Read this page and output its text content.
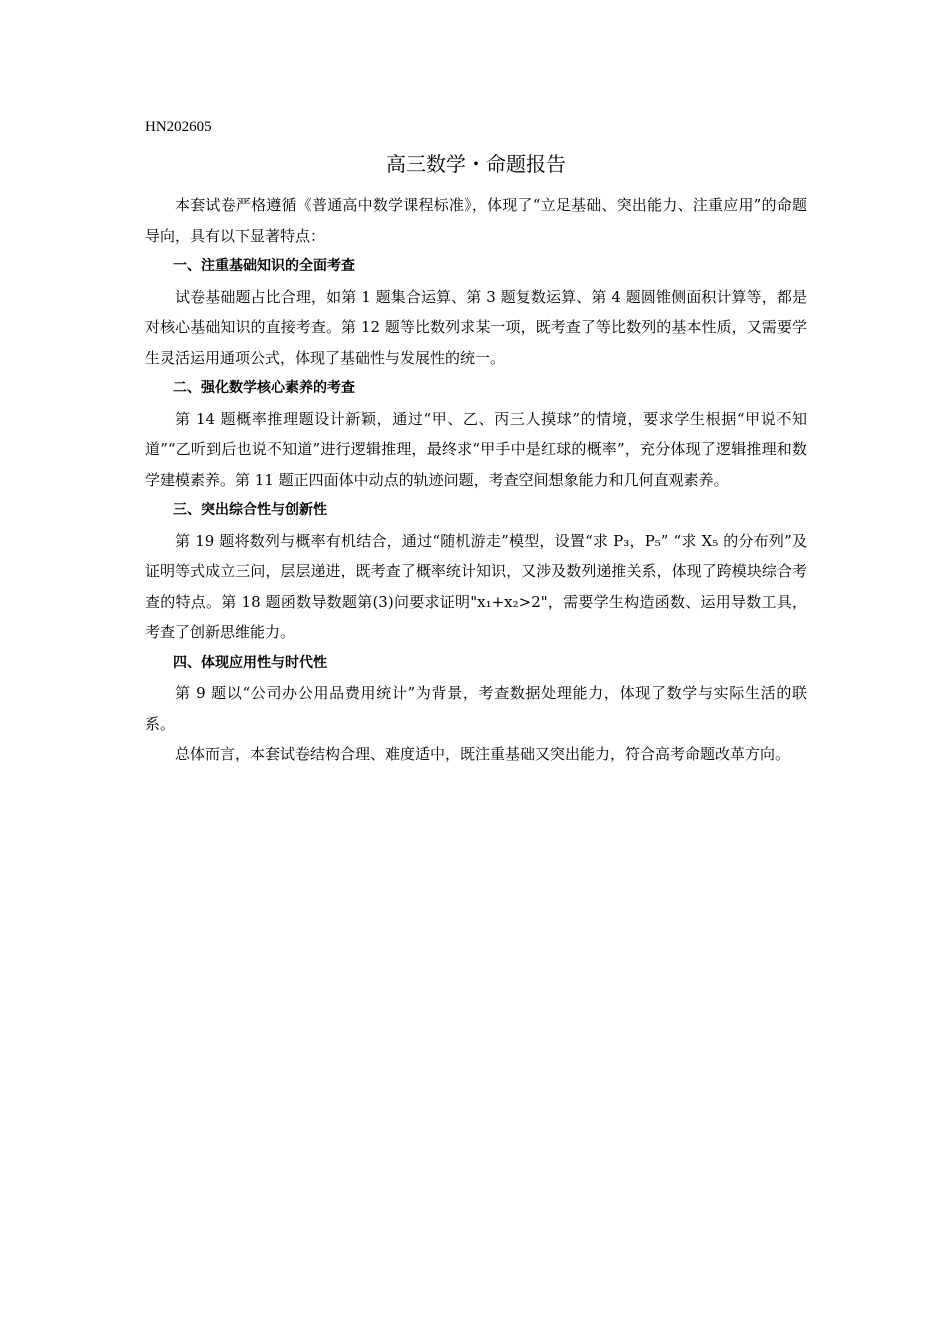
HN202605
高三数学・命题报告

本套试卷严格遵循《普通高中数学课程标准》，体现了“立足基础、突出能力、注重应用”的命题导向，具有以下显著特点：

一、注重基础知识的全面考查

试卷基础题占比合理，如第 1 题集合运算、第 3 题复数运算、第 4 题圆锥侧面积计算等，都是对核心基础知识的直接考查。第 12 题等比数列求某一项，既考查了等比数列的基本性质，又需要学生灵活运用通项公式，体现了基础性与发展性的统一。

二、强化数学核心素养的考查

第 14 题概率推理题设计新颖，通过“甲、乙、丙三人摸球”的情境，要求学生根据“甲说不知道”“乙听到后也说不知道”进行逻辑推理，最终求“甲手中是红球的概率”，充分体现了逻辑推理和数学建模素养。第 11 题正四面体中动点的轨迹问题，考查空间想象能力和几何直观素养。

三、突出综合性与创新性

第 19 题将数列与概率有机结合，通过“随机游走”模型，设置“求 P₃，P₅” “求 X₅ 的分布列”及证明等式成立三问，层层递进，既考查了概率统计知识，又涉及数列递推关系，体现了跨模块综合考查的特点。第 18 题函数导数题第(3)问要求证明"x₁+x₂>2"，需要学生构造函数、运用导数工具，考查了创新思维能力。

四、体现应用性与时代性

第 9 题以“公司办公用品费用统计”为背景，考查数据处理能力，体现了数学与实际生活的联系。

总体而言，本套试卷结构合理、难度适中，既注重基础又突出能力，符合高考命题改革方向。
